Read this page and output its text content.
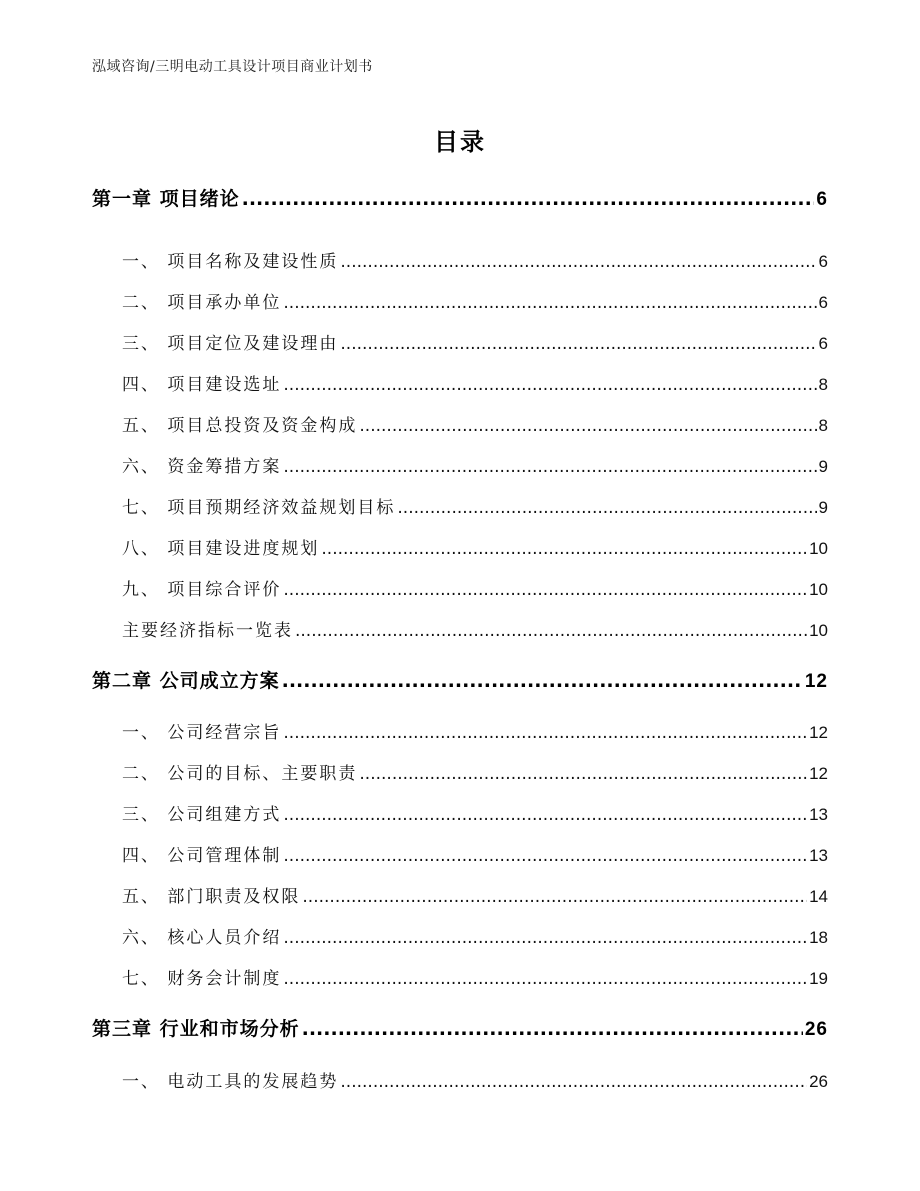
泓域咨询/三明电动工具设计项目商业计划书
目录
第一章 项目绪论 .....	6
一、 项目名称及建设性质 .....	6
二、 项目承办单位 .....	6
三、 项目定位及建设理由 .....	6
四、 项目建设选址 .....	8
五、 项目总投资及资金构成 .....	8
六、 资金筹措方案 .....	9
七、 项目预期经济效益规划目标 .....	9
八、 项目建设进度规划 .....	10
九、 项目综合评价 .....	10
主要经济指标一览表 .....	10
第二章 公司成立方案 .....	12
一、 公司经营宗旨 .....	12
二、 公司的目标、主要职责 .....	12
三、 公司组建方式 .....	13
四、 公司管理体制 .....	13
五、 部门职责及权限 .....	14
六、 核心人员介绍 .....	18
七、 财务会计制度 .....	19
第三章 行业和市场分析 .....	26
一、 电动工具的发展趋势 .....	26
